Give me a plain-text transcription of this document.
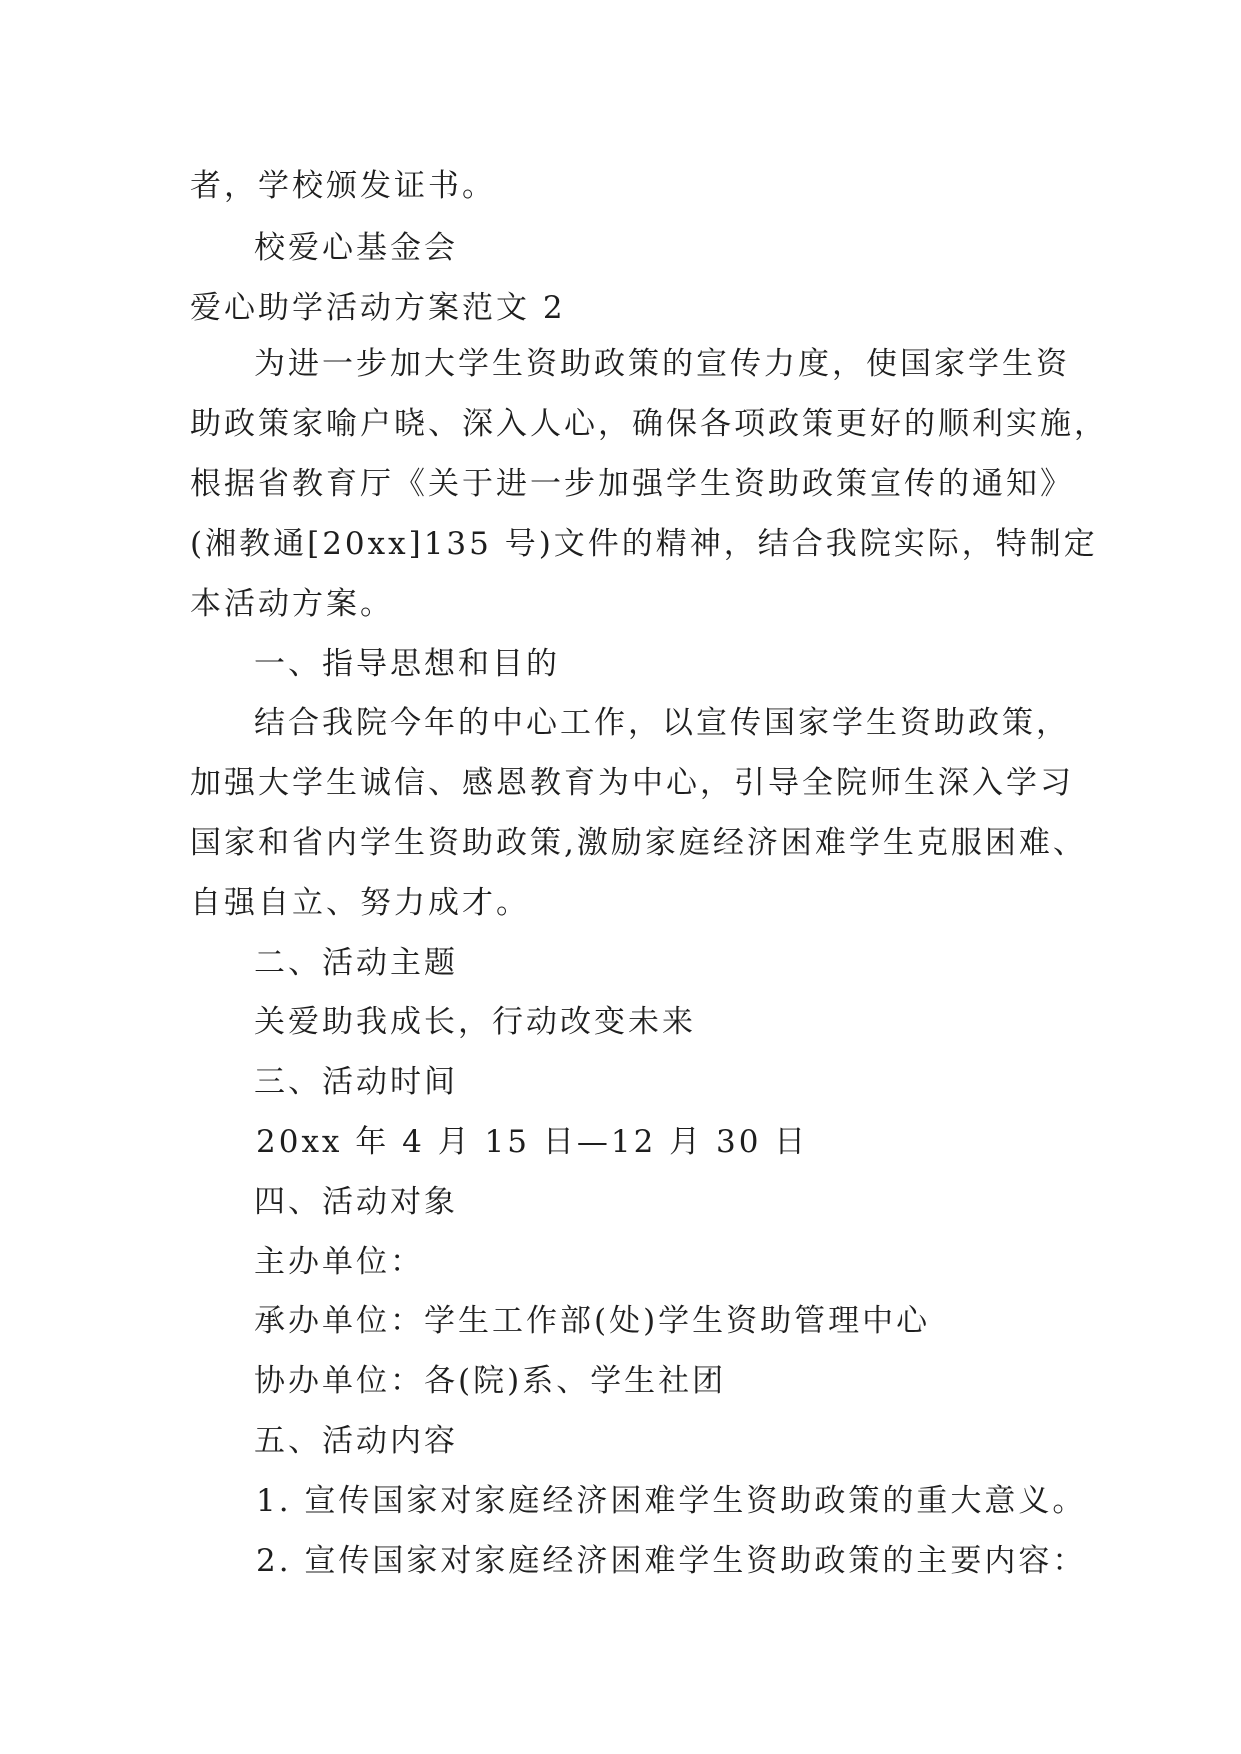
者，学校颁发证书。

校爱心基金会

爱心助学活动方案范文 2

为进一步加大学生资助政策的宣传力度，使国家学生资

助政策家喻户晓、深入人心，确保各项政策更好的顺利实施，

根据省教育厅《关于进一步加强学生资助政策宣传的通知》

(湘教通[20xx]135 号)文件的精神，结合我院实际，特制定

本活动方案。

一、指导思想和目的

结合我院今年的中心工作，以宣传国家学生资助政策，

加强大学生诚信、感恩教育为中心，引导全院师生深入学习

国家和省内学生资助政策,激励家庭经济困难学生克服困难、

自强自立、努力成才。

二、活动主题

关爱助我成长，行动改变未来

三、活动时间

20xx 年 4 月 15 日—12 月 30 日

四、活动对象

主办单位：

承办单位：学生工作部(处)学生资助管理中心

协办单位：各(院)系、学生社团

五、活动内容

1. 宣传国家对家庭经济困难学生资助政策的重大意义。

2. 宣传国家对家庭经济困难学生资助政策的主要内容：
